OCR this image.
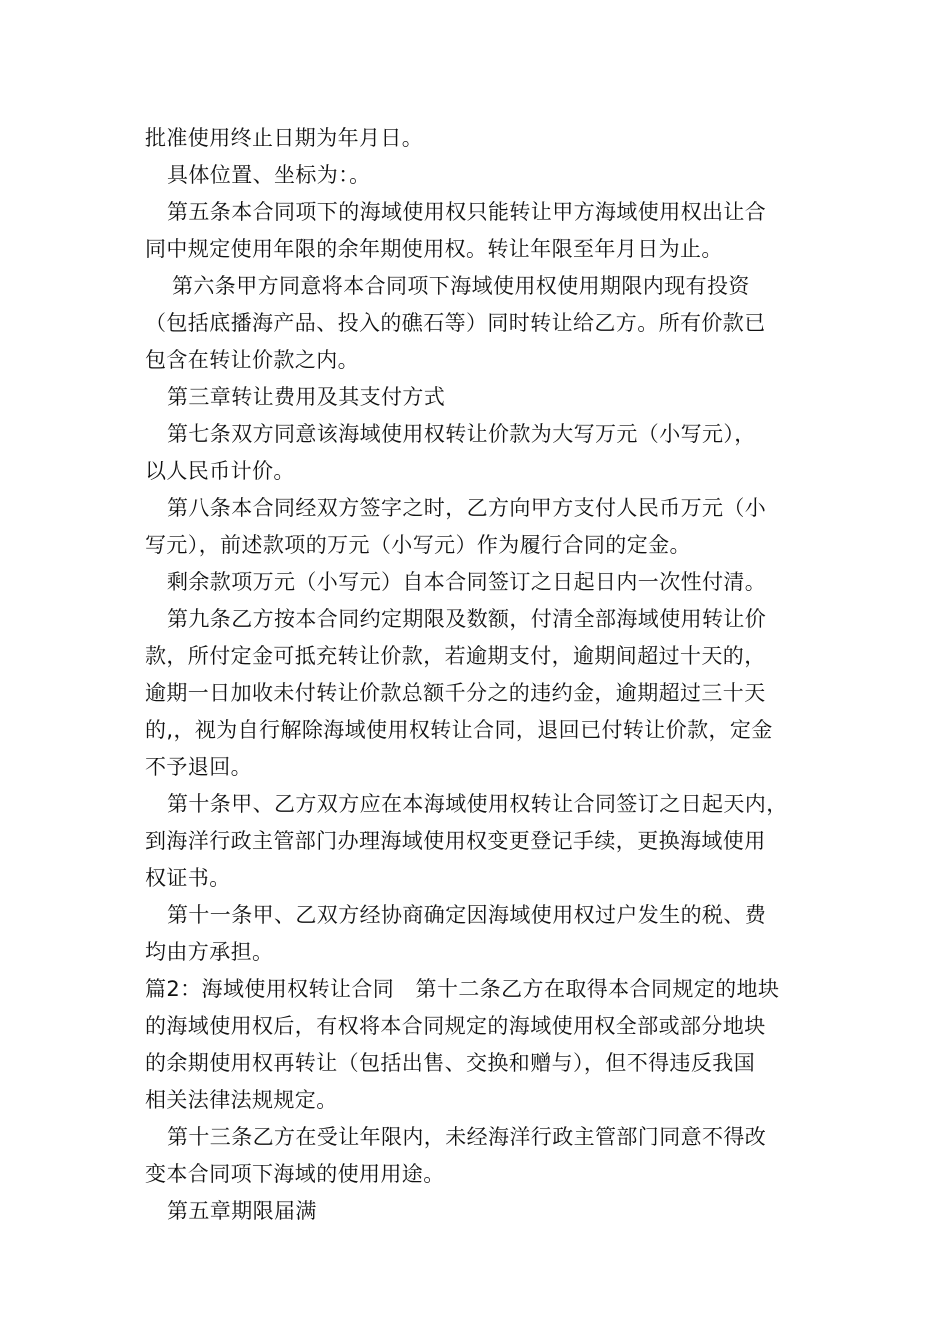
批准使用终止日期为年月日。
具体位置、坐标为：。
第五条本合同项下的海域使用权只能转让甲方海域使用权出让合
同中规定使用年限的余年期使用权。转让年限至年月日为止。
第六条甲方同意将本合同项下海域使用权使用期限内现有投资
（包括底播海产品、投入的礁石等）同时转让给乙方。所有价款已
包含在转让价款之内。
第三章转让费用及其支付方式
第七条双方同意该海域使用权转让价款为大写万元（小写元），
以人民币计价。
第八条本合同经双方签字之时，乙方向甲方支付人民币万元（小
写元），前述款项的万元（小写元）作为履行合同的定金。
剩余款项万元（小写元）自本合同签订之日起日内一次性付清。
第九条乙方按本合同约定期限及数额，付清全部海域使用转让价
款，所付定金可抵充转让价款，若逾期支付，逾期间超过十天的，
逾期一日加收未付转让价款总额千分之的违约金，逾期超过三十天
的,，视为自行解除海域使用权转让合同，退回已付转让价款，定金
不予退回。
第十条甲、乙方双方应在本海域使用权转让合同签订之日起天内，
到海洋行政主管部门办理海域使用权变更登记手续，更换海域使用
权证书。
第十一条甲、乙双方经协商确定因海域使用权过户发生的税、费
均由方承担。
篇2：海域使用权转让合同　第十二条乙方在取得本合同规定的地块
的海域使用权后，有权将本合同规定的海域使用权全部或部分地块
的余期使用权再转让（包括出售、交换和赠与），但不得违反我国
相关法律法规规定。
第十三条乙方在受让年限内，未经海洋行政主管部门同意不得改
变本合同项下海域的使用用途。
第五章期限届满
